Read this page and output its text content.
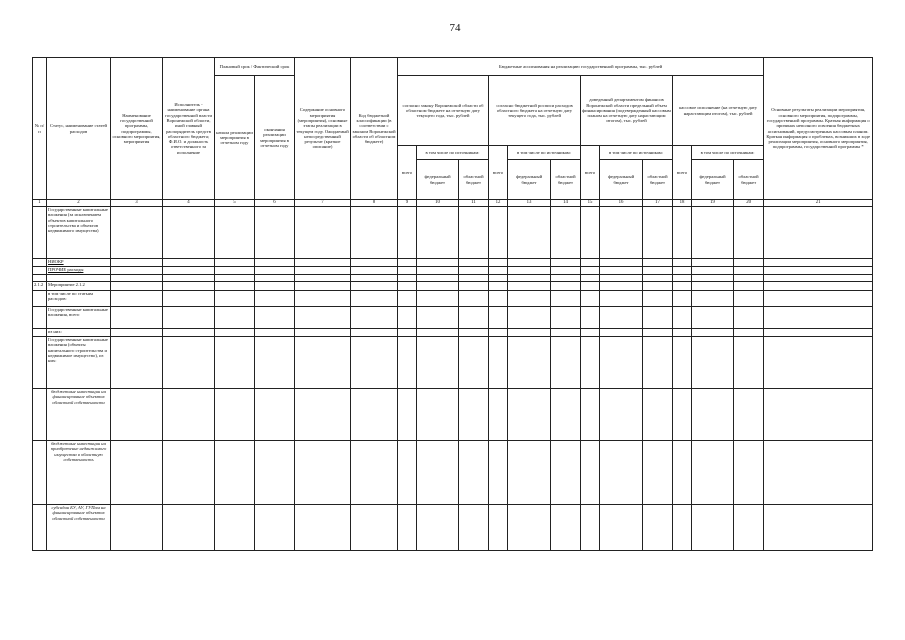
74
№ п/п	Статус, наименование статей расходов	Наименование государственной программы, подпрограммы, основного мероприятия, мероприятия	Исполнитель - наименование органа государственной власти Воронежской области, иной главный распорядитель средств областного бюджета; Ф.И.О. и должность ответственного за исполнение	Плановый срок / Фактический срок		Содержание основного мероприятия (мероприятия), основные этапы реализации в текущем году. Ожидаемый непосредственный результат (краткое описание)	Код бюджетной классификации (в соответствии с законом Воронежской области об областном бюджете)	Бюджетные ассигнования на реализацию государственной программы, тыс. рублей												Основные результаты реализации мероприятия, основного мероприятия, подпрограммы, государственной программы. Краткая информация о причинах неполного освоения бюджетных ассигнований, предусмотренных кассовым планом. Краткая информация о проблемах, возникших в ходе реализации мероприятия, основного мероприятия, подпрограммы, государственной программы *
				начала реализации мероприятия в отчетном году	окончания реализации мероприятия в отчетном году			согласно закону Воронежской области об областном бюджете на отчетную дату текущего года, тыс. рублей			согласно бюджетной росписи расходов областного бюджета на отчетную дату текущего года, тыс. рублей			доведенный департаментом финансов Воронежской области предельный объем финансирования (подтвержденный кассовым планом на отчетную дату нарастающим итогом), тыс. рублей			кассовое исполнение (на отчетную дату нарастающим итогом), тыс. рублей			
								всего	в том числе по источникам:		всего	в том числе по источникам:		всего	в том числе по источникам:		всего	в том числе по источникам:		
									федеральный бюджет	областной бюджет		федеральный бюджет	областной бюджет		федеральный бюджет	областной бюджет		федеральный бюджет	областной бюджет	
1	2	3	4	5	6	7	8	9	10	11	12	13	14	15	16	17	18	19	20	21
	Государственные капитальные вложения (за исключением объектов капитального строительства и объектов недвижимого имущества)																			
	НИОКР																			
	ПРОЧИЕ расходы																			

2.1.2	Мероприятие 2.1.2																			
	в том числе по статьям расходов:																			
	Государственные капитальные вложения, всего																			
	из них:																			
	Государственные капитальные вложения (объекты капитального строительства и недвижимое имущество), из них:																			
	бюджетные инвестиции на финансирование объектов областной собственности																			
	бюджетные инвестиции на приобретение недвижимого имущества в областную собственность																			
	субсидии БУ, АУ, ГУПам на финансирование объектов областной собственности																			
